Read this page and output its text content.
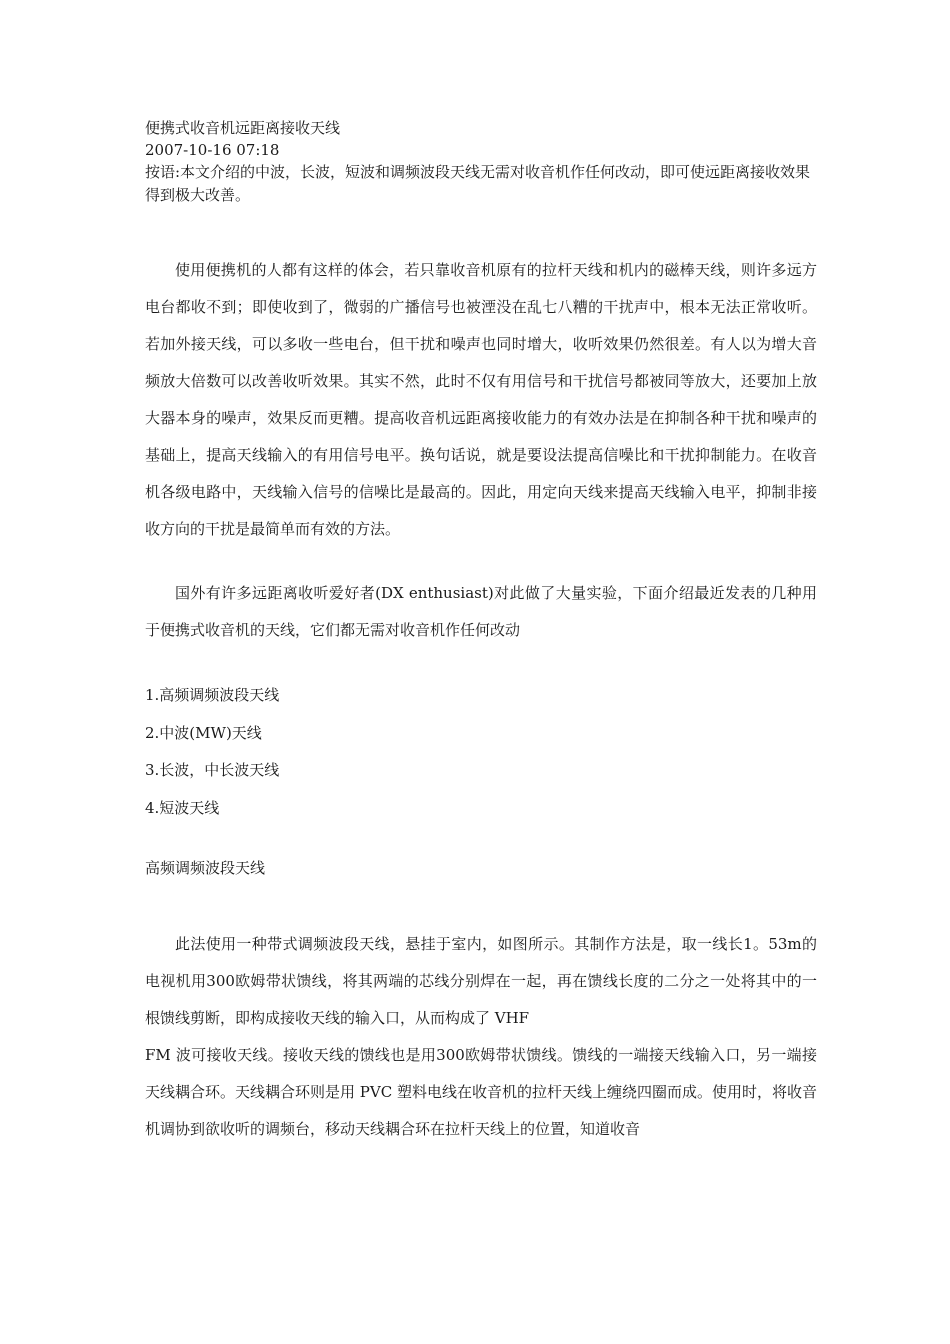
便携式收音机远距离接收天线

2007-10-16 07:18

按语:本文介绍的中波，长波，短波和调频波段天线无需对收音机作任何改动，即可使远距离接收效果得到极大改善。

使用便携机的人都有这样的体会，若只靠收音机原有的拉杆天线和机内的磁棒天线，则许多远方电台都收不到；即使收到了，微弱的广播信号也被湮没在乱七八糟的干扰声中，根本无法正常收听。若加外接天线，可以多收一些电台，但干扰和噪声也同时增大，收听效果仍然很差。有人以为增大音频放大倍数可以改善收听效果。其实不然，此时不仅有用信号和干扰信号都被同等放大，还要加上放大器本身的噪声，效果反而更糟。提高收音机远距离接收能力的有效办法是在抑制各种干扰和噪声的基础上，提高天线输入的有用信号电平。换句话说，就是要设法提高信噪比和干扰抑制能力。在收音机各级电路中，天线输入信号的信噪比是最高的。因此，用定向天线来提高天线输入电平，抑制非接收方向的干扰是最简单而有效的方法。

国外有许多远距离收听爱好者(DX enthusiast)对此做了大量实验，下面介绍最近发表的几种用于便携式收音机的天线，它们都无需对收音机作任何改动

1.高频调频波段天线
2.中波(MW)天线
3.长波，中长波天线
4.短波天线

高频调频波段天线

此法使用一种带式调频波段天线，悬挂于室内，如图所示。其制作方法是，取一线长1。53m的电视机用300欧姆带状馈线，将其两端的芯线分别焊在一起，再在馈线长度的二分之一处将其中的一根馈线剪断，即构成接收天线的输入口，从而构成了 VHF

FM 波可接收天线。接收天线的馈线也是用300欧姆带状馈线。馈线的一端接天线输入口，另一端接天线耦合环。天线耦合环则是用 PVC 塑料电线在收音机的拉杆天线上缠绕四圈而成。使用时，将收音机调协到欲收听的调频台，移动天线耦合环在拉杆天线上的位置，知道收音
